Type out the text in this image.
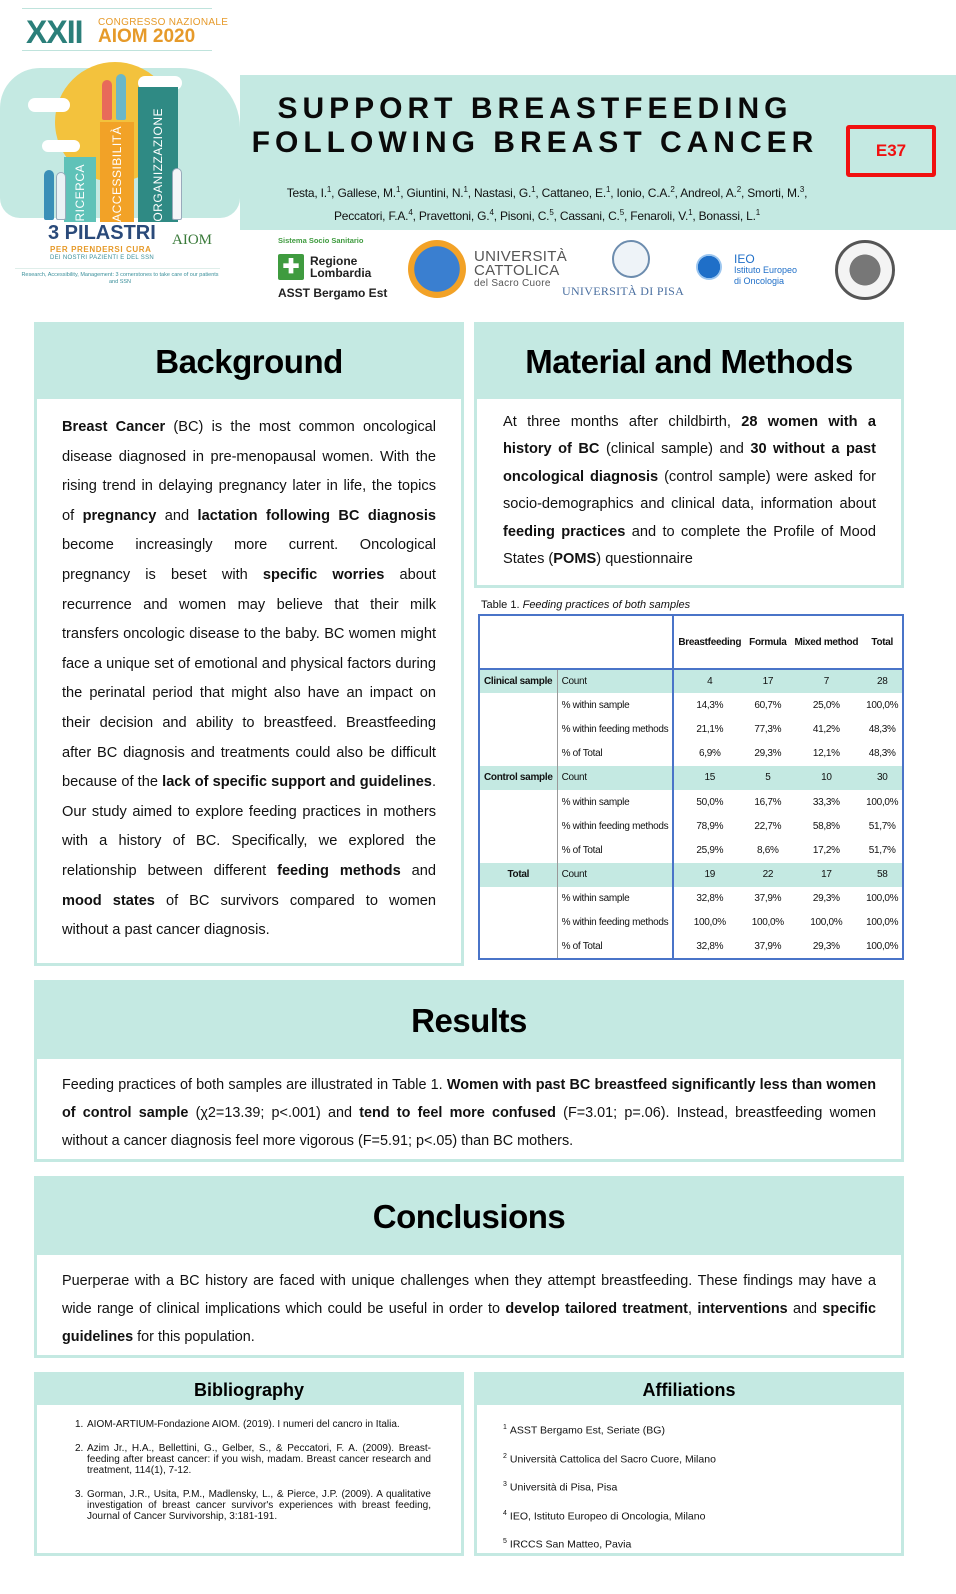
XXII CONGRESSO NAZIONALE
AIOM 2020
RICERCA ACCESSIBILITÀ ORGANIZZAZIONE
3 PILASTRI
PER PRENDERSI CURA
DEI NOSTRI PAZIENTI E DEL SSN
AIOM
Research, Accessibility, Management: 3 cornerstones to take care of our patients and SSN
SUPPORT BREASTFEEDING
FOLLOWING BREAST CANCER	E37
Testa, I.$^1$, Gallese, M.$^1$, Giuntini, N.$^1$, Nastasi, G.$^1$, Cattaneo, E.$^1$, Ionio, C.A.$^2$, Andreol, A.$^2$, Smorti, M.$^3$,
Peccatori, F.A.$^4$, Pravettoni, G.$^4$, Pisoni, C.$^5$, Cassani, C.$^5$, Fenaroli, V.$^1$, Bonassi, L.$^1$
Sistema Socio Sanitario
✚ Regione
Lombardia
ASST Bergamo Est
UNIVERSITÀ
CATTOLICA
del Sacro Cuore
UNIVERSITÀ DI PISA
IEO
Istituto Europeo
di Oncologia
Background

Breast Cancer (BC) is the most common oncological disease diagnosed in pre-menopausal women. With the rising trend in delaying pregnancy later in life, the topics of pregnancy and lactation following BC diagnosis become increasingly more current. Oncological pregnancy is beset with specific worries about recurrence and women may believe that their milk transfers oncologic disease to the baby. BC women might face a unique set of emotional and physical factors during the perinatal period that might also have an impact on their decision and ability to breastfeed. Breastfeeding after BC diagnosis and treatments could also be difficult because of the lack of specific support and guidelines. Our study aimed to explore feeding practices in mothers with a history of BC. Specifically, we explored the relationship between different feeding methods and mood states of BC survivors compared to women without a past cancer diagnosis.

Material and Methods

At three months after childbirth, 28 women with a history of BC (clinical sample) and 30 without a past oncological diagnosis (control sample) were asked for socio-demographics and clinical data, information about feeding practices and to complete the Profile of Mood States (POMS) questionnaire

Table 1. Feeding practices of both samples
		Breastfeeding	Formula	Mixed method	Total
Clinical sample	Count	4	17	7	28
	% within sample	14,3%	60,7%	25,0%	100,0%
	% within feeding methods	21,1%	77,3%	41,2%	48,3%
	% of Total	6,9%	29,3%	12,1%	48,3%
Control sample	Count	15	5	10	30
	% within sample	50,0%	16,7%	33,3%	100,0%
	% within feeding methods	78,9%	22,7%	58,8%	51,7%
	% of Total	25,9%	8,6%	17,2%	51,7%
Total	Count	19	22	17	58
	% within sample	32,8%	37,9%	29,3%	100,0%
	% within feeding methods	100,0%	100,0%	100,0%	100,0%
	% of Total	32,8%	37,9%	29,3%	100,0%
Results

Feeding practices of both samples are illustrated in Table 1. Women with past BC breastfeed significantly less than women of control sample (χ2=13.39; p<.001) and tend to feel more confused (F=3.01; p=.06). Instead, breastfeeding women without a cancer diagnosis feel more vigorous (F=5.91; p<.05) than BC mothers.

Conclusions

Puerperae with a BC history are faced with unique challenges when they attempt breastfeeding. These findings may have a wide range of clinical implications which could be useful in order to develop tailored treatment, interventions and specific guidelines for this population.

Bibliography
1. AIOM-ARTIUM-Fondazione AIOM. (2019). I numeri del cancro in Italia.
2. Azim Jr., H.A., Bellettini, G., Gelber, S., & Peccatori, F. A. (2009). Breast-feeding after breast cancer: if you wish, madam. Breast cancer research and treatment, 114(1), 7-12.
3. Gorman, J.R., Usita, P.M., Madlensky, L., & Pierce, J.P. (2009). A qualitative investigation of breast cancer survivor's experiences with breast feeding, Journal of Cancer Survivorship, 3:181-191.
Affiliations
$^1$ ASST Bergamo Est, Seriate (BG)
$^2$ Università Cattolica del Sacro Cuore, Milano
$^3$ Università di Pisa, Pisa
$^4$ IEO, Istituto Europeo di Oncologia, Milano
$^5$ IRCCS San Matteo, Pavia
